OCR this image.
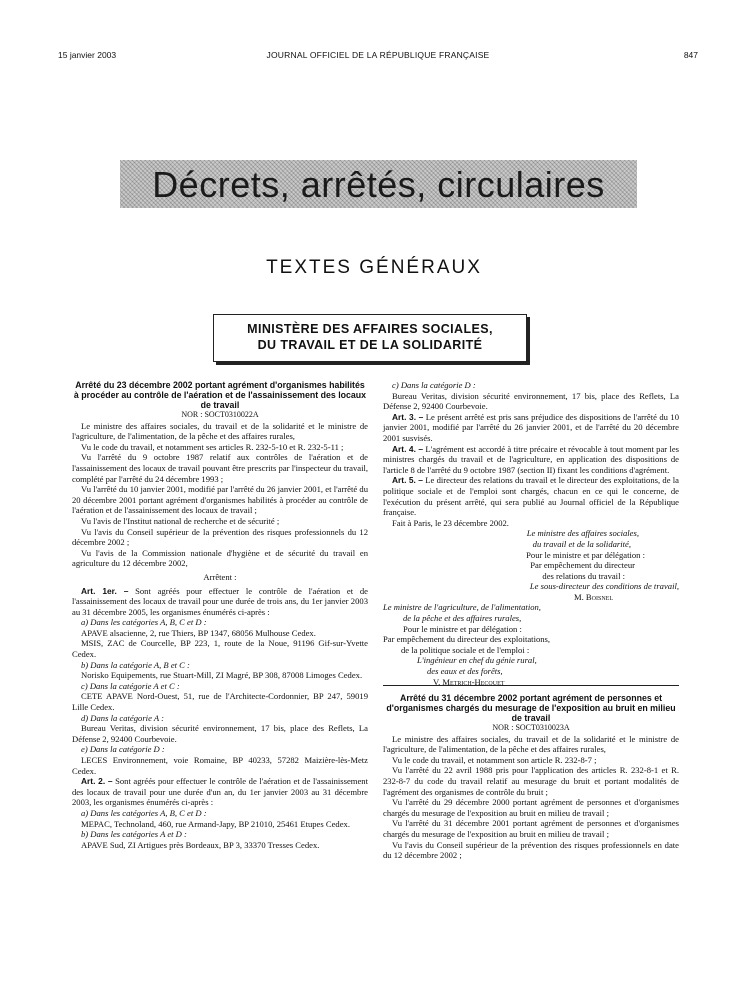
15 janvier 2003	JOURNAL OFFICIEL DE LA RÉPUBLIQUE FRANÇAISE	847
Décrets, arrêtés, circulaires
TEXTES GÉNÉRAUX
MINISTÈRE DES AFFAIRES SOCIALES,
DU TRAVAIL ET DE LA SOLIDARITÉ

Arrêté du 23 décembre 2002 portant agrément d'organismes habilités à procéder au contrôle de l'aération et de l'assainissement des locaux de travail

NOR : SOCT0310022A

Le ministre des affaires sociales, du travail et de la solidarité et le ministre de l'agriculture, de l'alimentation, de la pêche et des affaires rurales,

Vu le code du travail, et notamment ses articles R. 232-5-10 et R. 232-5-11 ;

Vu l'arrêté du 9 octobre 1987 relatif aux contrôles de l'aération et de l'assainissement des locaux de travail pouvant être prescrits par l'inspecteur du travail, complété par l'arrêté du 24 décembre 1993 ;

Vu l'arrêté du 10 janvier 2001, modifié par l'arrêté du 26 janvier 2001, et l'arrêté du 20 décembre 2001 portant agrément d'organismes habilités à procéder au contrôle de l'aération et de l'assainissement des locaux de travail ;

Vu l'avis de l'Institut national de recherche et de sécurité ;

Vu l'avis du Conseil supérieur de la prévention des risques professionnels du 12 décembre 2002 ;

Vu l'avis de la Commission nationale d'hygiène et de sécurité du travail en agriculture du 12 décembre 2002,

Arrêtent :

Art. 1er. – Sont agréés pour effectuer le contrôle de l'aération et de l'assainissement des locaux de travail pour une durée de trois ans, du 1er janvier 2003 au 31 décembre 2005, les organismes énumérés ci-après :

a) Dans les catégories A, B, C et D :

APAVE alsacienne, 2, rue Thiers, BP 1347, 68056 Mulhouse Cedex.

MSIS, ZAC de Courcelle, BP 223, 1, route de la Noue, 91196 Gif-sur-Yvette Cedex.

b) Dans la catégorie A, B et C :

Norisko Equipements, rue Stuart-Mill, ZI Magré, BP 308, 87008 Limoges Cedex.

c) Dans la catégorie A et C :

CETE APAVE Nord-Ouest, 51, rue de l'Architecte-Cordonnier, BP 247, 59019 Lille Cedex.

d) Dans la catégorie A :

Bureau Veritas, division sécurité environnement, 17 bis, place des Reflets, La Défense 2, 92400 Courbevoie.

e) Dans la catégorie D :

LECES Environnement, voie Romaine, BP 40233, 57282 Maizière-lès-Metz Cedex.

Art. 2. – Sont agréés pour effectuer le contrôle de l'aération et de l'assainissement des locaux de travail pour une durée d'un an, du 1er janvier 2003 au 31 décembre 2003, les organismes énumérés ci-après :

a) Dans les catégories A, B, C et D :

MEPAC, Technoland, 460, rue Armand-Japy, BP 21010, 25461 Etupes Cedex.

b) Dans les catégories A et D :

APAVE Sud, ZI Artigues près Bordeaux, BP 3, 33370 Tresses Cedex.

c) Dans la catégorie D :

Bureau Veritas, division sécurité environnement, 17 bis, place des Reflets, La Défense 2, 92400 Courbevoie.

Art. 3. – Le présent arrêté est pris sans préjudice des dispositions de l'arrêté du 10 janvier 2001, modifié par l'arrêté du 26 janvier 2001, et de l'arrêté du 20 décembre 2001 susvisés.

Art. 4. – L'agrément est accordé à titre précaire et révocable à tout moment par les ministres chargés du travail et de l'agriculture, en application des dispositions de l'article 8 de l'arrêté du 9 octobre 1987 (section II) fixant les conditions d'agrément.

Art. 5. – Le directeur des relations du travail et le directeur des exploitations, de la politique sociale et de l'emploi sont chargés, chacun en ce qui le concerne, de l'exécution du présent arrêté, qui sera publié au Journal officiel de la République française.

Fait à Paris, le 23 décembre 2002.

Le ministre des affaires sociales,

du travail et de la solidarité,

Pour le ministre et par délégation :

Par empêchement du directeur

des relations du travail :

Le sous-directeur des conditions de travail,

M. Boisnel

Le ministre de l'agriculture, de l'alimentation,

de la pêche et des affaires rurales,

Pour le ministre et par délégation :

Par empêchement du directeur des exploitations,

de la politique sociale et de l'emploi :

L'ingénieur en chef du génie rural,

des eaux et des forêts,

V. Metrich-Hecquet

Arrêté du 31 décembre 2002 portant agrément de personnes et d'organismes chargés du mesurage de l'exposition au bruit en milieu de travail

NOR : SOCT0310023A

Le ministre des affaires sociales, du travail et de la solidarité et le ministre de l'agriculture, de l'alimentation, de la pêche et des affaires rurales,

Vu le code du travail, et notamment son article R. 232-8-7 ;

Vu l'arrêté du 22 avril 1988 pris pour l'application des articles R. 232-8-1 et R. 232-8-7 du code du travail relatif au mesurage du bruit et portant modalités de l'agrément des organismes de contrôle du bruit ;

Vu l'arrêté du 29 décembre 2000 portant agrément de personnes et d'organismes chargés du mesurage de l'exposition au bruit en milieu de travail ;

Vu l'arrêté du 31 décembre 2001 portant agrément de personnes et d'organismes chargés du mesurage de l'exposition au bruit en milieu de travail ;

Vu l'avis du Conseil supérieur de la prévention des risques professionnels en date du 12 décembre 2002 ;
